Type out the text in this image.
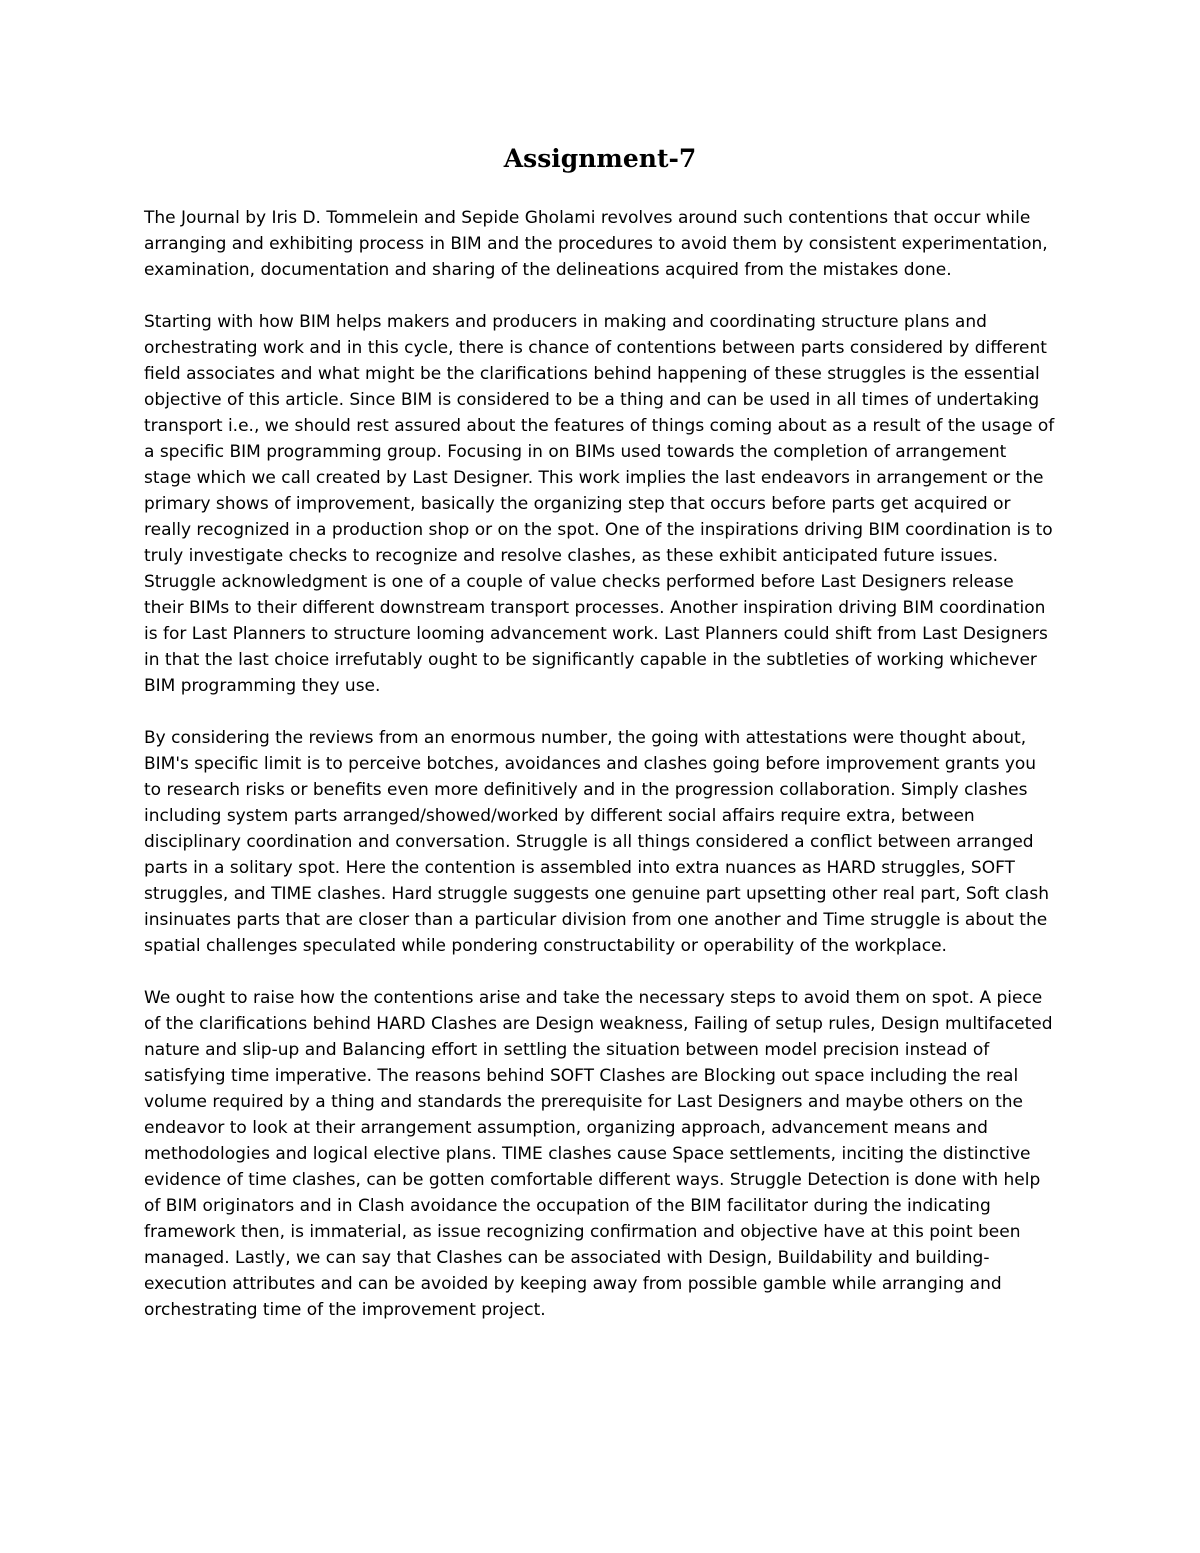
Assignment-7

The Journal by Iris D. Tommelein and Sepide Gholami revolves around such contentions that occur while arranging and exhibiting process in BIM and the procedures to avoid them by consistent experimentation, examination, documentation and sharing of the delineations acquired from the mistakes done.

Starting with how BIM helps makers and producers in making and coordinating structure plans and orchestrating work and in this cycle, there is chance of contentions between parts considered by different field associates and what might be the clarifications behind happening of these struggles is the essential objective of this article. Since BIM is considered to be a thing and can be used in all times of undertaking transport i.e., we should rest assured about the features of things coming about as a result of the usage of a specific BIM programming group. Focusing in on BIMs used towards the completion of arrangement stage which we call created by Last Designer. This work implies the last endeavors in arrangement or the primary shows of improvement, basically the organizing step that occurs before parts get acquired or really recognized in a production shop or on the spot. One of the inspirations driving BIM coordination is to truly investigate checks to recognize and resolve clashes, as these exhibit anticipated future issues. Struggle acknowledgment is one of a couple of value checks performed before Last Designers release their BIMs to their different downstream transport processes. Another inspiration driving BIM coordination is for Last Planners to structure looming advancement work. Last Planners could shift from Last Designers in that the last choice irrefutably ought to be significantly capable in the subtleties of working whichever BIM programming they use.

By considering the reviews from an enormous number, the going with attestations were thought about, BIM's specific limit is to perceive botches, avoidances and clashes going before improvement grants you to research risks or benefits even more definitively and in the progression collaboration. Simply clashes including system parts arranged/showed/worked by different social affairs require extra, between disciplinary coordination and conversation. Struggle is all things considered a conflict between arranged parts in a solitary spot. Here the contention is assembled into extra nuances as HARD struggles, SOFT struggles, and TIME clashes. Hard struggle suggests one genuine part upsetting other real part, Soft clash insinuates parts that are closer than a particular division from one another and Time struggle is about the spatial challenges speculated while pondering constructability or operability of the workplace.

We ought to raise how the contentions arise and take the necessary steps to avoid them on spot. A piece of the clarifications behind HARD Clashes are Design weakness, Failing of setup rules, Design multifaceted nature and slip-up and Balancing effort in settling the situation between model precision instead of satisfying time imperative. The reasons behind SOFT Clashes are Blocking out space including the real volume required by a thing and standards the prerequisite for Last Designers and maybe others on the endeavor to look at their arrangement assumption, organizing approach, advancement means and methodologies and logical elective plans. TIME clashes cause Space settlements, inciting the distinctive evidence of time clashes, can be gotten comfortable different ways. Struggle Detection is done with help of BIM originators and in Clash avoidance the occupation of the BIM facilitator during the indicating framework then, is immaterial, as issue recognizing confirmation and objective have at this point been managed. Lastly, we can say that Clashes can be associated with Design, Buildability and building-execution attributes and can be avoided by keeping away from possible gamble while arranging and orchestrating time of the improvement project.
